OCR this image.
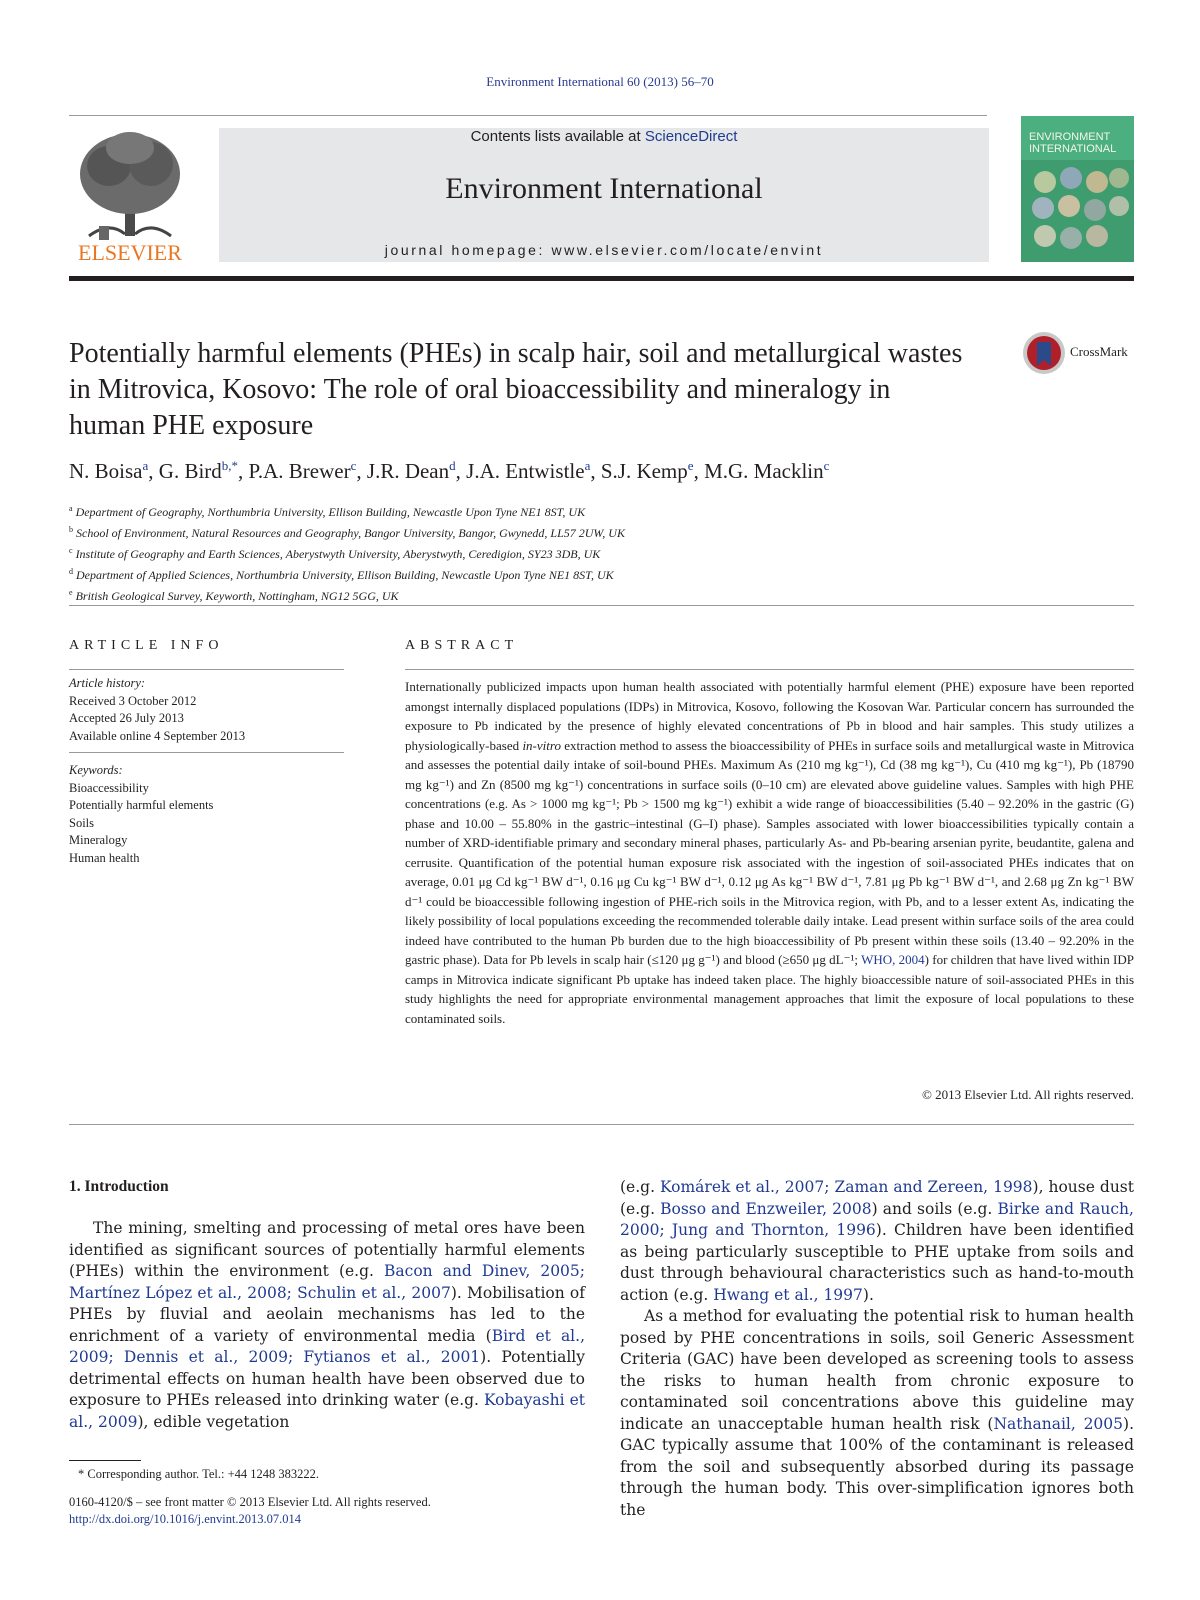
Environment International 60 (2013) 56–70
ELSEVIER
Contents lists available at ScienceDirect
Environment International
journal homepage: www.elsevier.com/locate/envint
ENVIRONMENT
INTERNATIONAL
Potentially harmful elements (PHEs) in scalp hair, soil and metallurgical wastes in Mitrovica, Kosovo: The role of oral bioaccessibility and mineralogy in human PHE exposure
CrossMark
N. Boisa$^a$, G. Bird$^{b,*}$, P.A. Brewer$^c$, J.R. Dean$^d$, J.A. Entwistle$^a$, S.J. Kemp$^e$, M.G. Macklin$^c$
$^a$ Department of Geography, Northumbria University, Ellison Building, Newcastle Upon Tyne NE1 8ST, UK
$^b$ School of Environment, Natural Resources and Geography, Bangor University, Bangor, Gwynedd, LL57 2UW, UK
$^c$ Institute of Geography and Earth Sciences, Aberystwyth University, Aberystwyth, Ceredigion, SY23 3DB, UK
$^d$ Department of Applied Sciences, Northumbria University, Ellison Building, Newcastle Upon Tyne NE1 8ST, UK
$^e$ British Geological Survey, Keyworth, Nottingham, NG12 5GG, UK
ARTICLE INFO	ABSTRACT
Article history:
Received 3 October 2012
Accepted 26 July 2013
Available online 4 September 2013
Keywords:
Bioaccessibility
Potentially harmful elements
Soils
Mineralogy
Human health
Internationally publicized impacts upon human health associated with potentially harmful element (PHE) exposure have been reported amongst internally displaced populations (IDPs) in Mitrovica, Kosovo, following the Kosovan War. Particular concern has surrounded the exposure to Pb indicated by the presence of highly elevated concentrations of Pb in blood and hair samples. This study utilizes a physiologically-based in-vitro extraction method to assess the bioaccessibility of PHEs in surface soils and metallurgical waste in Mitrovica and assesses the potential daily intake of soil-bound PHEs. Maximum As (210 mg kg⁻¹), Cd (38 mg kg⁻¹), Cu (410 mg kg⁻¹), Pb (18790 mg kg⁻¹) and Zn (8500 mg kg⁻¹) concentrations in surface soils (0–10 cm) are elevated above guideline values. Samples with high PHE concentrations (e.g. As > 1000 mg kg⁻¹; Pb > 1500 mg kg⁻¹) exhibit a wide range of bioaccessibilities (5.40 – 92.20% in the gastric (G) phase and 10.00 – 55.80% in the gastric–intestinal (G–I) phase). Samples associated with lower bioaccessibilities typically contain a number of XRD-identifiable primary and secondary mineral phases, particularly As- and Pb-bearing arsenian pyrite, beudantite, galena and cerrusite. Quantification of the potential human exposure risk associated with the ingestion of soil-associated PHEs indicates that on average, 0.01 μg Cd kg⁻¹ BW d⁻¹, 0.16 μg Cu kg⁻¹ BW d⁻¹, 0.12 μg As kg⁻¹ BW d⁻¹, 7.81 μg Pb kg⁻¹ BW d⁻¹, and 2.68 μg Zn kg⁻¹ BW d⁻¹ could be bioaccessible following ingestion of PHE-rich soils in the Mitrovica region, with Pb, and to a lesser extent As, indicating the likely possibility of local populations exceeding the recommended tolerable daily intake. Lead present within surface soils of the area could indeed have contributed to the human Pb burden due to the high bioaccessibility of Pb present within these soils (13.40 – 92.20% in the gastric phase). Data for Pb levels in scalp hair (≤120 μg g⁻¹) and blood (≥650 μg dL⁻¹; WHO, 2004) for children that have lived within IDP camps in Mitrovica indicate significant Pb uptake has indeed taken place. The highly bioaccessible nature of soil-associated PHEs in this study highlights the need for appropriate environmental management approaches that limit the exposure of local populations to these contaminated soils.
© 2013 Elsevier Ltd. All rights reserved.
1. Introduction
The mining, smelting and processing of metal ores have been identified as significant sources of potentially harmful elements (PHEs) within the environment (e.g. Bacon and Dinev, 2005; Martínez López et al., 2008; Schulin et al., 2007). Mobilisation of PHEs by fluvial and aeolain mechanisms has led to the enrichment of a variety of environmental media (Bird et al., 2009; Dennis et al., 2009; Fytianos et al., 2001). Potentially detrimental effects on human health have been observed due to exposure to PHEs released into drinking water (e.g. Kobayashi et al., 2009), edible vegetation
(e.g. Komárek et al., 2007; Zaman and Zereen, 1998), house dust (e.g. Bosso and Enzweiler, 2008) and soils (e.g. Birke and Rauch, 2000; Jung and Thornton, 1996). Children have been identified as being particularly susceptible to PHE uptake from soils and dust through behavioural characteristics such as hand-to-mouth action (e.g. Hwang et al., 1997).
As a method for evaluating the potential risk to human health posed by PHE concentrations in soils, soil Generic Assessment Criteria (GAC) have been developed as screening tools to assess the risks to human health from chronic exposure to contaminated soil concentrations above this guideline may indicate an unacceptable human health risk (Nathanail, 2005). GAC typically assume that 100% of the contaminant is released from the soil and subsequently absorbed during its passage through the human body. This over-simplification ignores both the
* Corresponding author. Tel.: +44 1248 383222.
0160-4120/$ – see front matter © 2013 Elsevier Ltd. All rights reserved.
http://dx.doi.org/10.1016/j.envint.2013.07.014
